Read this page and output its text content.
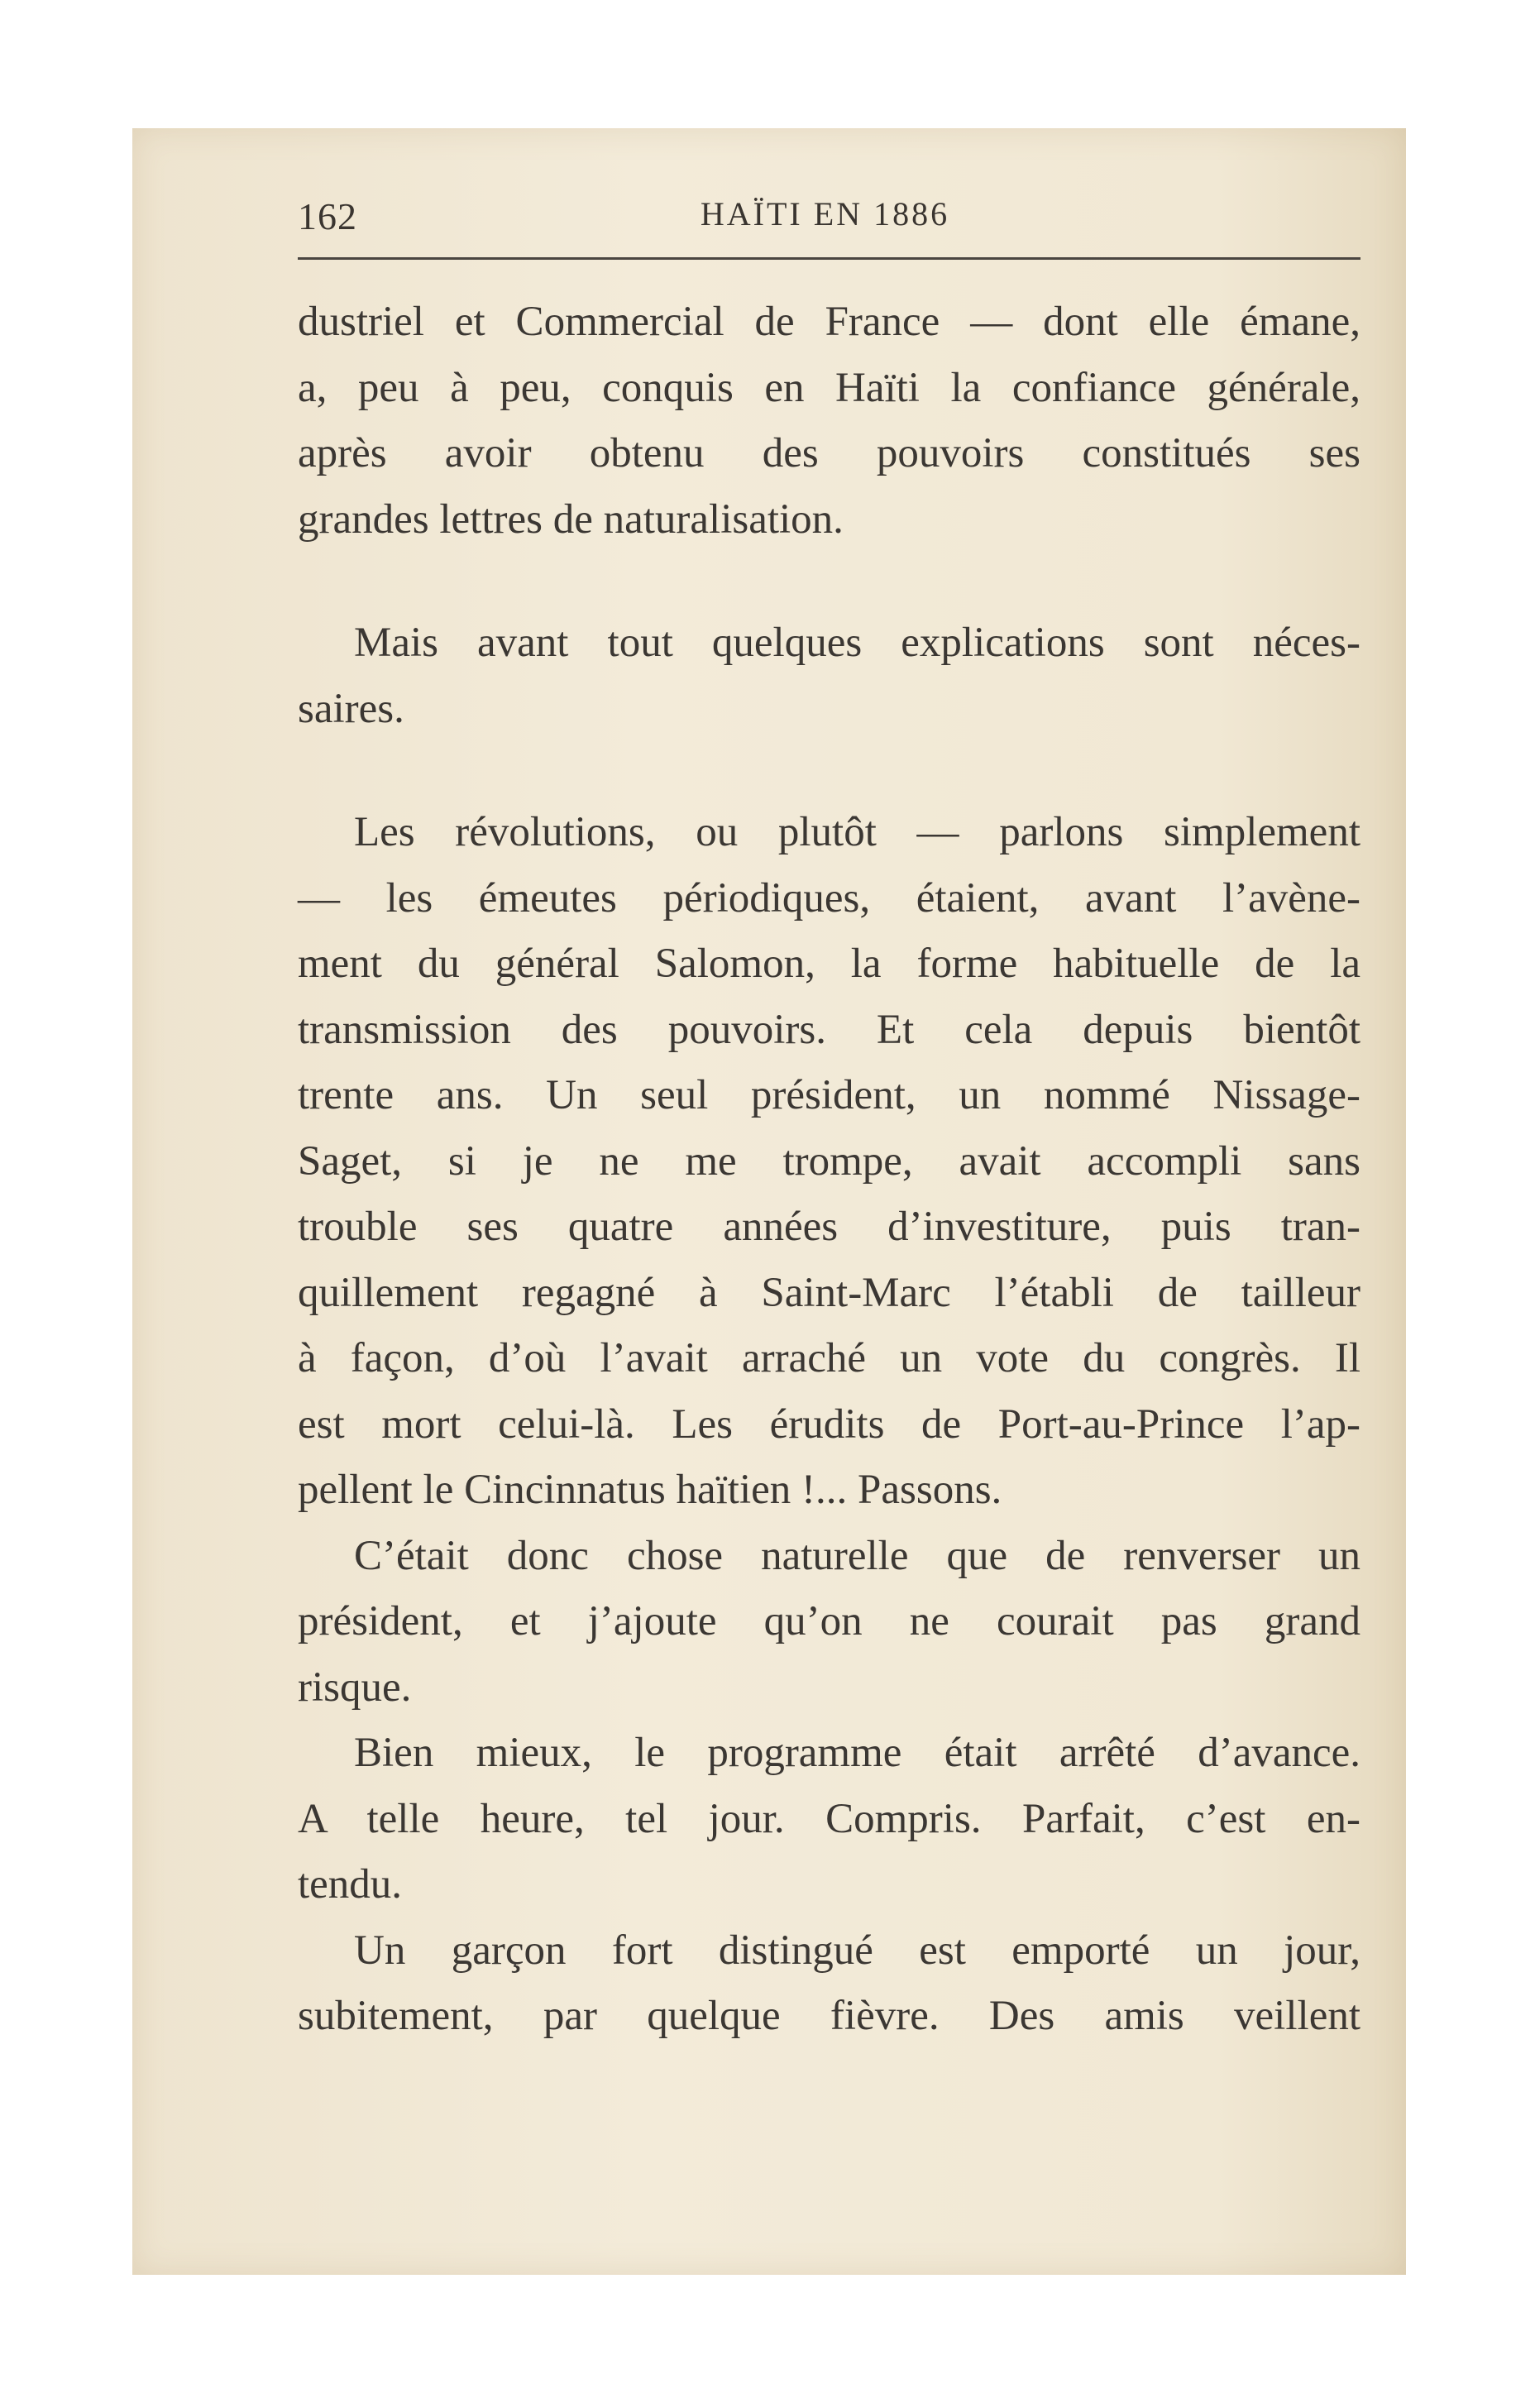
162	HAÏTI EN 1886
dustriel et Commercial de France — dont elle émane,
a, peu à peu, conquis en Haïti la confiance générale,
après avoir obtenu des pouvoirs constitués ses
grandes lettres de naturalisation.
Mais avant tout quelques explications sont néces-
saires.
Les révolutions, ou plutôt — parlons simplement
— les émeutes périodiques, étaient, avant l’avène-
ment du général Salomon, la forme habituelle de la
transmission des pouvoirs. Et cela depuis bientôt
trente ans. Un seul président, un nommé Nissage-
Saget, si je ne me trompe, avait accompli sans
trouble ses quatre années d’investiture, puis tran-
quillement regagné à Saint-Marc l’établi de tailleur
à façon, d’où l’avait arraché un vote du congrès. Il
est mort celui-là. Les érudits de Port-au-Prince l’ap-
pellent le Cincinnatus haïtien !... Passons.
C’était donc chose naturelle que de renverser un
président, et j’ajoute qu’on ne courait pas grand
risque.
Bien mieux, le programme était arrêté d’avance.
A telle heure, tel jour. Compris. Parfait, c’est en-
tendu.
Un garçon fort distingué est emporté un jour,
subitement, par quelque fièvre. Des amis veillent
